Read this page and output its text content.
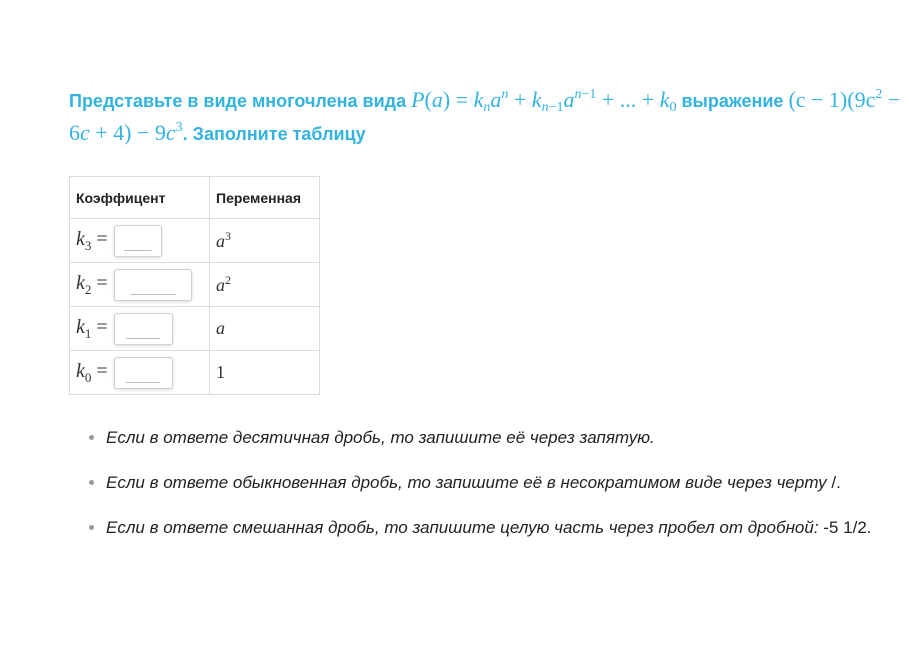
Представьте в виде многочлена вида $P(a) = k_na^n + k_{n-1}a^{n-1}$ + ... + $k_0$ выражение $(c - 1)(9c^2 - 6c + 4) - 9c^3$. Заполните таблицу
Коэффицент	Переменная

$k_3$ =	$a^3$

$k_2$ =	$a^2$

$k_1$ =	a

$k_0$ =	1
• Если в ответе десятичная дробь, то запишите её через запятую.
• Если в ответе обыкновенная дробь, то запишите её в несократимом виде через черту /.
• Если в ответе смешанная дробь, то запишите целую часть через пробел от дробной: -5 1/2.
